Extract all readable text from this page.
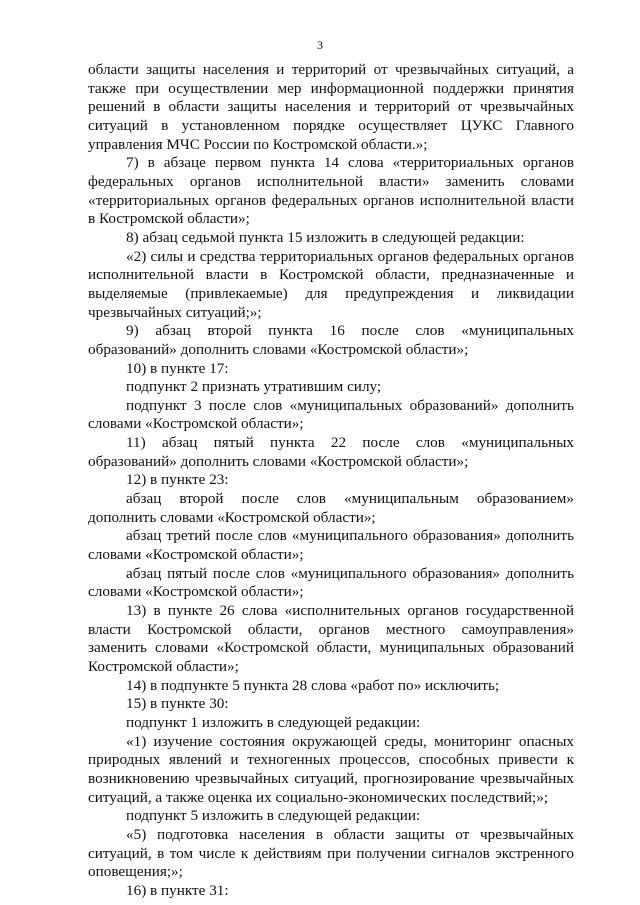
3

области защиты населения и территорий от чрезвычайных ситуаций, а также при осуществлении мер информационной поддержки принятия решений в области защиты населения и территорий от чрезвычайных ситуаций в установленном порядке осуществляет ЦУКС Главного управления МЧС России по Костромской области.»;

7) в абзаце первом пункта 14 слова «территориальных органов федеральных органов исполнительной власти» заменить словами «территориальных органов федеральных органов исполнительной власти в Костромской области»;

8) абзац седьмой пункта 15 изложить в следующей редакции:

«2) силы и средства территориальных органов федеральных органов исполнительной власти в Костромской области, предназначенные и выделяемые (привлекаемые) для предупреждения и ликвидации чрезвычайных ситуаций;»;

9) абзац второй пункта 16 после слов «муниципальных образований» дополнить словами «Костромской области»;

10) в пункте 17:

подпункт 2 признать утратившим силу;

подпункт 3 после слов «муниципальных образований» дополнить словами «Костромской области»;

11) абзац пятый пункта 22 после слов «муниципальных образований» дополнить словами «Костромской области»;

12) в пункте 23:

абзац второй после слов «муниципальным образованием» дополнить словами «Костромской области»;

абзац третий после слов «муниципального образования» дополнить словами «Костромской области»;

абзац пятый после слов «муниципального образования» дополнить словами «Костромской области»;

13) в пункте 26 слова «исполнительных органов государственной власти Костромской области, органов местного самоуправления» заменить словами «Костромской области, муниципальных образований Костромской области»;

14) в подпункте 5 пункта 28 слова «работ по» исключить;

15) в пункте 30:

подпункт 1 изложить в следующей редакции:

«1) изучение состояния окружающей среды, мониторинг опасных природных явлений и техногенных процессов, способных привести к возникновению чрезвычайных ситуаций, прогнозирование чрезвычайных ситуаций, а также оценка их социально-экономических последствий;»;

подпункт 5 изложить в следующей редакции:

«5) подготовка населения в области защиты от чрезвычайных ситуаций, в том числе к действиям при получении сигналов экстренного оповещения;»;

16) в пункте 31:
